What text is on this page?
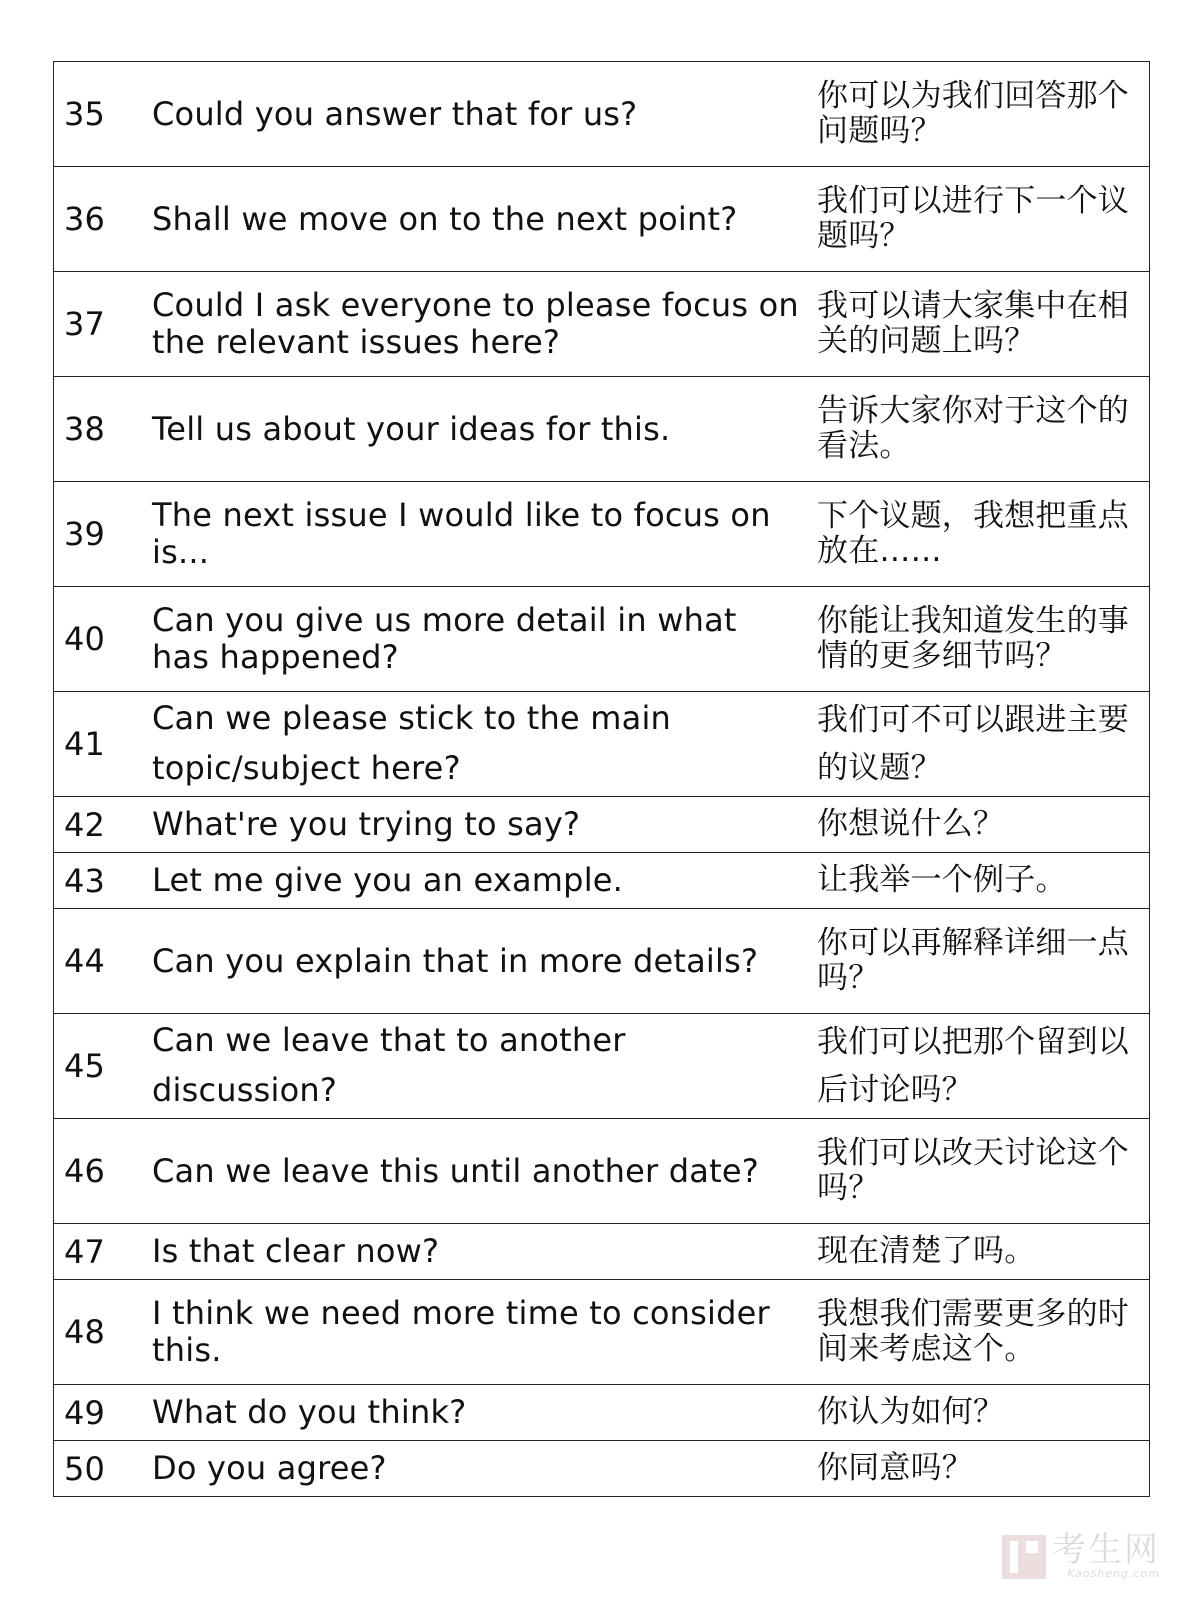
35	Could you answer that for us?	你可以为我们回答那个问题吗？
36	Shall we move on to the next point?	我们可以进行下一个议题吗？
37	Could I ask everyone to please focus on the relevant issues here?	我可以请大家集中在相关的问题上吗？
38	Tell us about your ideas for this.	告诉大家你对于这个的看法。
39	The next issue I would like to focus on is...	下个议题，我想把重点放在……
40	Can you give us more detail in what has happened?	你能让我知道发生的事情的更多细节吗？
41	Can we please stick to the main topic/subject here?	我们可不可以跟进主要的议题？
42	What're you trying to say?	你想说什么？
43	Let me give you an example.	让我举一个例子。
44	Can you explain that in more details?	你可以再解释详细一点吗？
45	Can we leave that to another discussion?	我们可以把那个留到以后讨论吗？
46	Can we leave this until another date?	我们可以改天讨论这个吗？
47	Is that clear now?	现在清楚了吗。
48	I think we need more time to consider this.	我想我们需要更多的时间来考虑这个。
49	What do you think?	你认为如何？
50	Do you agree?	你同意吗？
考生网
Kaosheng.com
